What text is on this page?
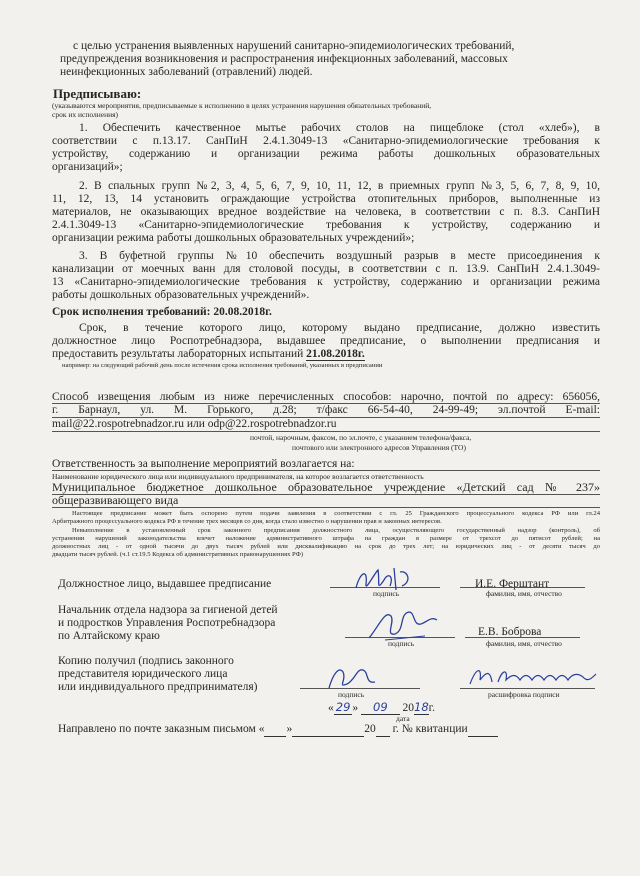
с целью устранения выявленных нарушений санитарно-эпидемиологических требований,
предупреждения возникновения и распространения инфекционных заболеваний, массовых
неинфекционных заболеваний (отравлений) людей.
Предписываю:
(указываются мероприятия, предписываемые к исполнению в целях устранения нарушения обязательных требований,
срок их исполнения)
1. Обеспечить качественное мытье рабочих столов на пищеблоке (стол «хлеб»), в
соответствии с п.13.17. СанПиН 2.4.1.3049-13 «Санитарно-эпидемиологические требования к
устройству, содержанию и организации режима работы дошкольных образовательных
организаций»;
2. В спальных групп №2, 3, 4, 5, 6, 7, 9, 10, 11, 12, в приемных групп №3, 5, 6, 7, 8, 9, 10,
11, 12, 13, 14 установить ограждающие устройства отопительных приборов, выполненные из
материалов, не оказывающих вредное воздействие на человека, в соответствии с п. 8.3. СанПиН
2.4.1.3049-13 «Санитарно-эпидемиологические требования к устройству, содержанию и
организации режима работы дошкольных образовательных учреждений»;
3. В буфетной группы №10 обеспечить воздушный разрыв в месте присоединения к
канализации от моечных ванн для столовой посуды, в соответствии с п. 13.9. СанПиН 2.4.1.3049-
13 «Санитарно-эпидемиологические требования к устройству, содержанию и организации режима
работы дошкольных образовательных учреждений».
Срок исполнения требований: 20.08.2018г.
Срок, в течение которого лицо, которому выдано предписание, должно известить
должностное лицо Роспотребнадзора, выдавшее предписание, о выполнении предписания и
предоставить результаты лабораторных испытаний 21.08.2018г.
например: на следующий рабочий день после истечения срока исполнения требований, указанных в предписании
Способ извещения любым из ниже перечисленных способов: нарочно, почтой по адресу: 656056,
г. Барнаул, ул. М. Горького, д.28; т/факс 66-54-40, 24-99-49; эл.почтой E-mail:
mail@22.rospotrebnadzor.ru или odp@22.rospotrebnadzor.ru
почтой, нарочным, факсом, по эл.почте, с указанием телефона/факса,
почтового или электронного адресов Управления (ТО)
Ответственность за выполнение мероприятий возлагается на:
Наименование юридического лица или индивидуального предпринимателя, на которое возлагается ответственность
Муниципальное бюджетное дошкольное образовательное учреждение «Детский сад № 237»
общеразвивающего вида
Настоящее предписание может быть оспорено путем подачи заявления в соответствии с гл. 25 Гражданского процессуального кодекса РФ или гл.24
Арбитражного процессуального кодекса РФ в течение трех месяцев со дня, когда стало известно о нарушении прав и законных интересов.
Невыполнение в установленный срок законного предписания должностного лица, осуществляющего государственный надзор (контроль), об
устранении нарушений законодательства влечет наложение административного штрафа на граждан в размере от трехсот до пятисот рублей; на
должностных лиц - от одной тысячи до двух тысяч рублей или дисквалификацию на срок до трех лет; на юридических лиц - от десяти тысяч до
двадцати тысяч рублей. (ч.1 ст.19.5 Кодекса об административных правонарушениях РФ)
Должностное лицо, выдавшее предписание
подпись
И.Е. Ферштант
фамилия, имя, отчество
Начальник отдела надзора за гигиеной детей
и подростков Управления Роспотребнадзора
по Алтайскому краю
подпись
Е.В. Боброва
фамилия, имя, отчество
Копию получил (подпись законного
представителя юридического лица
или индивидуального предпринимателя)
подпись	расшифровка подписи
« 29 » 09 2018г.
дата
Направлено по почте заказным письмом « »	20  г. № квитанции
